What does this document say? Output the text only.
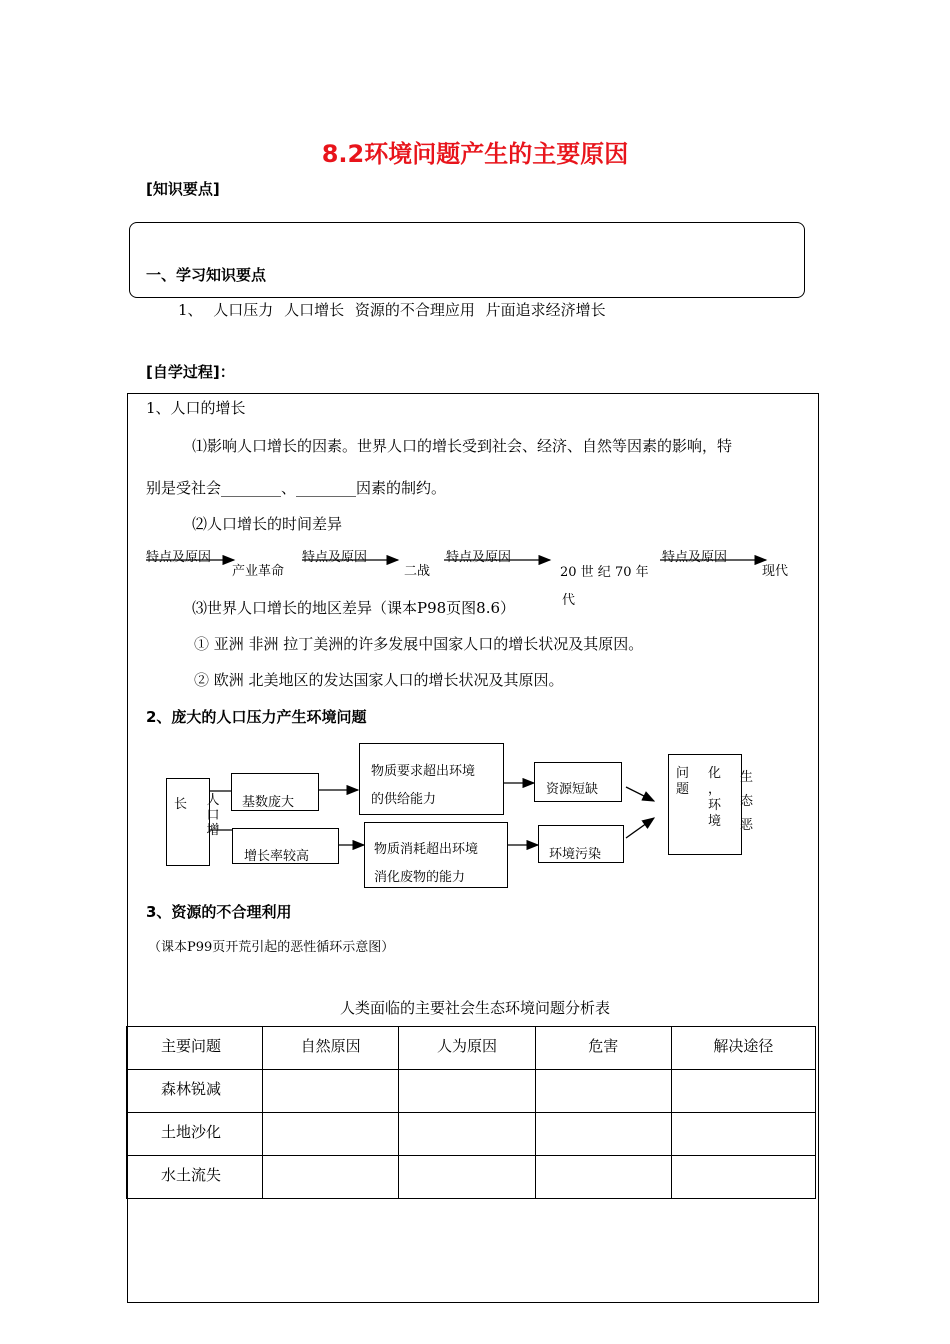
8.2环境问题产生的主要原因
[知识要点]
一、学习知识要点
1、 人口压力 人口增长 资源的不合理应用 片面追求经济增长
[自学过程]：
1、人口的增长
⑴影响人口增长的因素。世界人口的增长受到社会、经济、自然等因素的影响，特
别是受社会________、________因素的制约。
⑵人口增长的时间差异
特点及原因	特点及原因	特点及原因	特点及原因
产业革命	二战	20 世 纪 70 年
代
现代
⑶世界人口增长的地区差异（课本P98页图8.6）
① 亚洲 非洲 拉丁美洲的许多发展中国家人口的增长状况及其原因。
② 欧洲 北美地区的发达国家人口的增长状况及其原因。
2、庞大的人口压力产生环境问题
长 人
口
增
基数庞大
增长率较高
物质要求超出环境
的供给能力
物质消耗超出环境
消化废物的能力
资源短缺
环境污染
问
题
化
，
环
境
生
态
恶
3、资源的不合理利用
（课本P99页开荒引起的恶性循环示意图）
人类面临的主要社会生态环境问题分析表
主要问题	自然原因	人为原因	危害	解决途径
森林锐减				
土地沙化				
水土流失				
